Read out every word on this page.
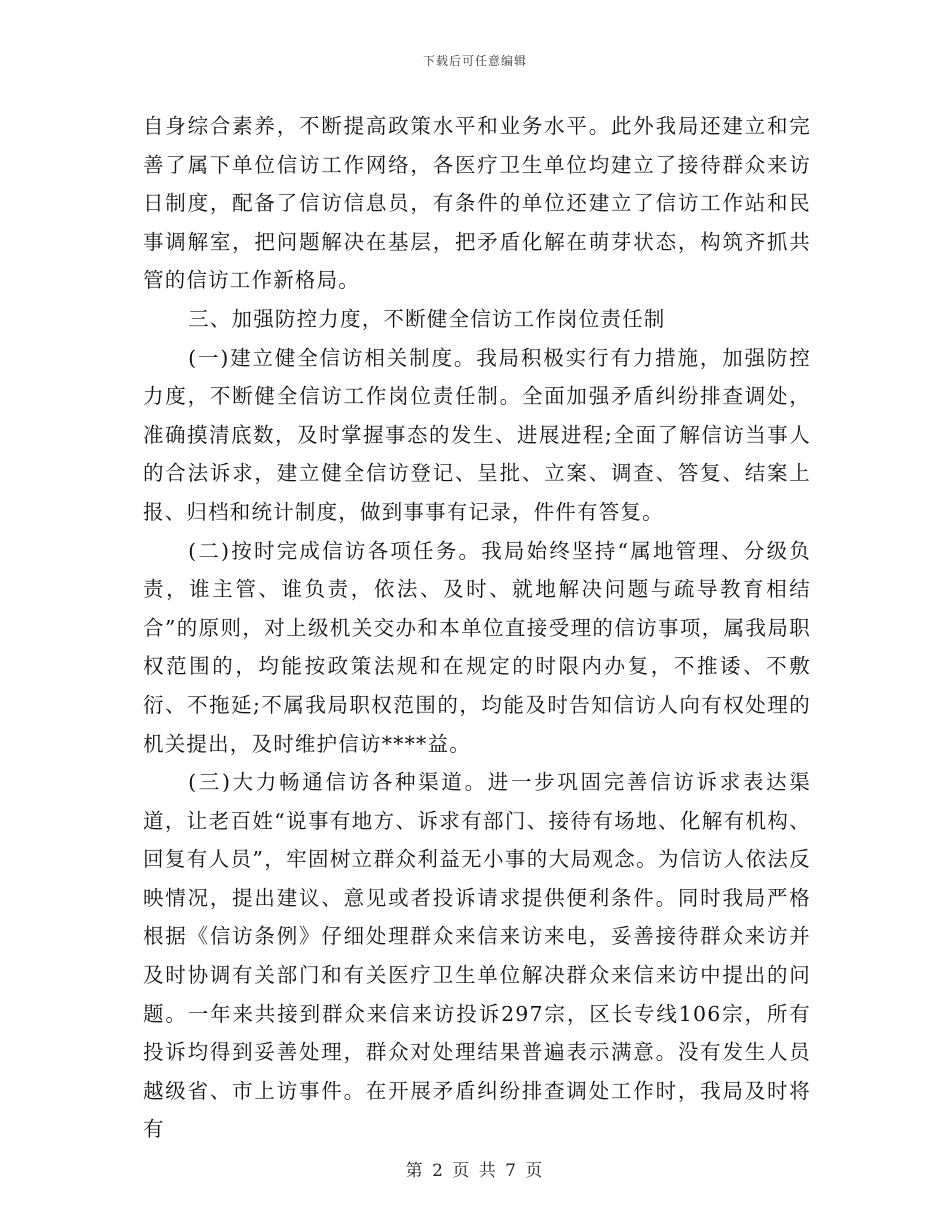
下载后可任意编辑

自身综合素养，不断提高政策水平和业务水平。此外我局还建立和完善了属下单位信访工作网络，各医疗卫生单位均建立了接待群众来访日制度，配备了信访信息员，有条件的单位还建立了信访工作站和民事调解室，把问题解决在基层，把矛盾化解在萌芽状态，构筑齐抓共管的信访工作新格局。

三、加强防控力度，不断健全信访工作岗位责任制

(一)建立健全信访相关制度。我局积极实行有力措施，加强防控力度，不断健全信访工作岗位责任制。全面加强矛盾纠纷排查调处，准确摸清底数，及时掌握事态的发生、进展进程;全面了解信访当事人的合法诉求，建立健全信访登记、呈批、立案、调查、答复、结案上报、归档和统计制度，做到事事有记录，件件有答复。

(二)按时完成信访各项任务。我局始终坚持“属地管理、分级负责，谁主管、谁负责，依法、及时、就地解决问题与疏导教育相结合”的原则，对上级机关交办和本单位直接受理的信访事项，属我局职权范围的，均能按政策法规和在规定的时限内办复，不推诿、不敷衍、不拖延;不属我局职权范围的，均能及时告知信访人向有权处理的机关提出，及时维护信访****益。

(三)大力畅通信访各种渠道。进一步巩固完善信访诉求表达渠道，让老百姓“说事有地方、诉求有部门、接待有场地、化解有机构、回复有人员”，牢固树立群众利益无小事的大局观念。为信访人依法反映情况，提出建议、意见或者投诉请求提供便利条件。同时我局严格根据《信访条例》仔细处理群众来信来访来电，妥善接待群众来访并及时协调有关部门和有关医疗卫生单位解决群众来信来访中提出的问题。一年来共接到群众来信来访投诉297宗，区长专线106宗，所有投诉均得到妥善处理，群众对处理结果普遍表示满意。没有发生人员越级省、市上访事件。在开展矛盾纠纷排查调处工作时，我局及时将有

第 2 页 共 7 页
